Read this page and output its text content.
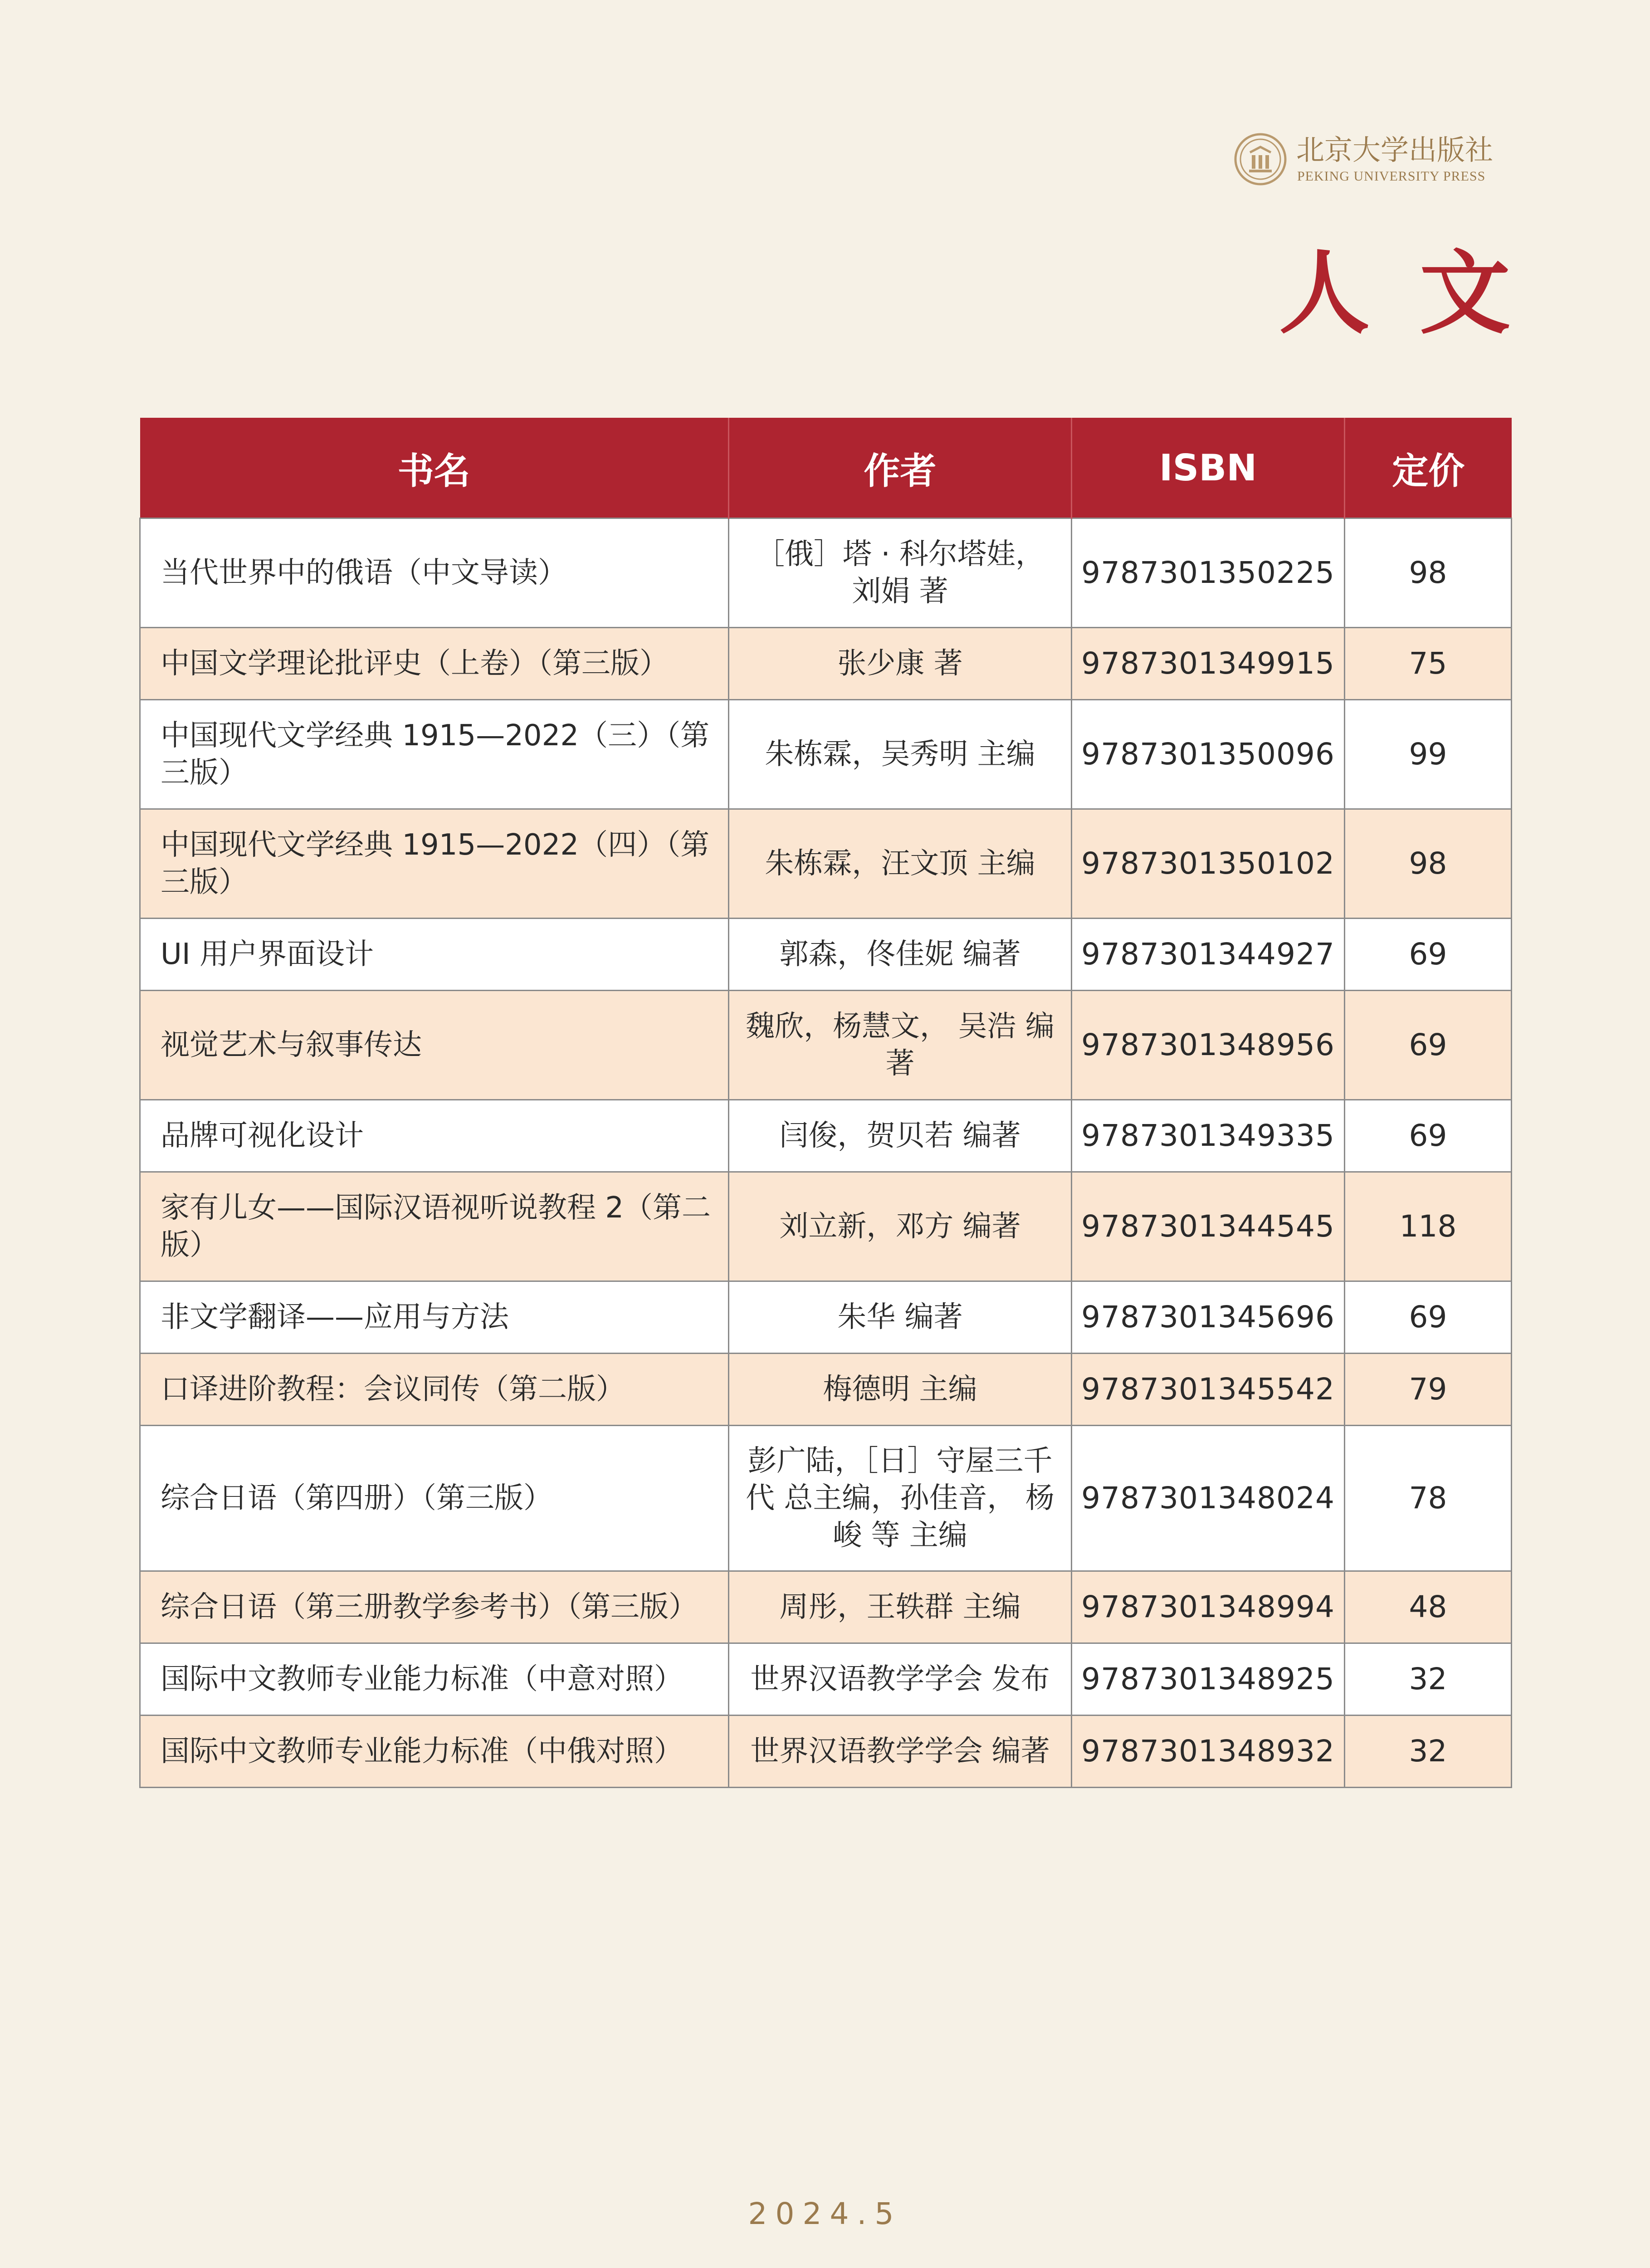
北京大学出版社
PEKING UNIVERSITY PRESS
人文
书名	作者	ISBN	定价
当代世界中的俄语（中文导读）	［俄］塔 · 科尔塔娃， 刘娟 著	9787301350225	98
中国文学理论批评史（上卷）（第三版）	张少康 著	9787301349915	75
中国现代文学经典 1915—2022（三）（第三版）	朱栋霖，吴秀明 主编	9787301350096	99
中国现代文学经典 1915—2022（四）（第三版）	朱栋霖，汪文顶 主编	9787301350102	98
UI 用户界面设计	郭森，佟佳妮 编著	9787301344927	69
视觉艺术与叙事传达	魏欣，杨慧文， 吴浩 编著	9787301348956	69
品牌可视化设计	闫俊，贺贝若 编著	9787301349335	69
家有儿女——国际汉语视听说教程 2（第二版）	刘立新，邓方 编著	9787301344545	118
非文学翻译——应用与方法	朱华 编著	9787301345696	69
口译进阶教程：会议同传（第二版）	梅德明 主编	9787301345542	79
综合日语（第四册）（第三版）	彭广陆，［日］守屋三千代 总主编，孙佳音， 杨峻 等 主编	9787301348024	78
综合日语（第三册教学参考书）（第三版）	周彤，王轶群 主编	9787301348994	48
国际中文教师专业能力标准（中意对照）	世界汉语教学学会 发布	9787301348925	32
国际中文教师专业能力标准（中俄对照）	世界汉语教学学会 编著	9787301348932	32
2024.5
